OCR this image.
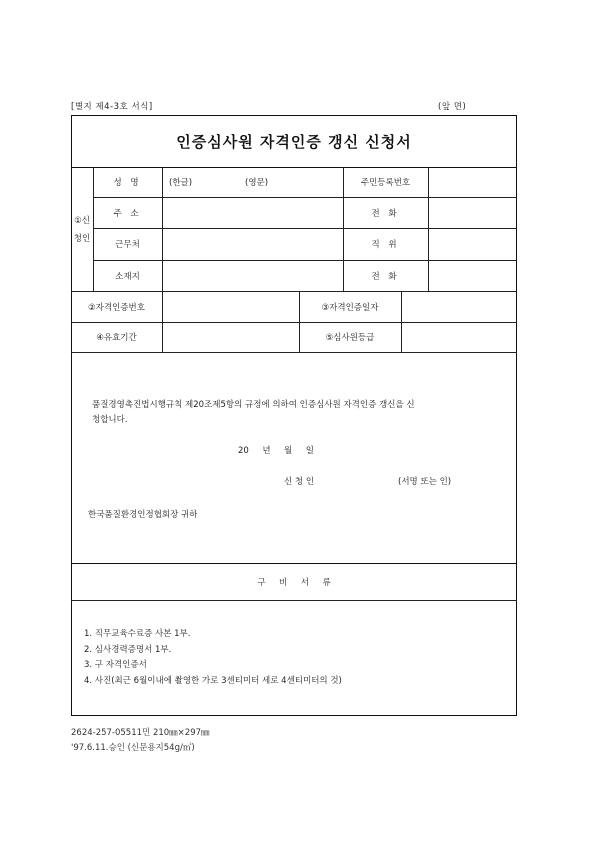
[별지 제4-3호 서식]	(앞 면)
인증심사원 자격인증 갱신 신청서
①신
청인
성 명	(한글)	(영문)	주민등록번호
주 소	전 화
근무처	직 위
소재지	전 화
②자격인증번호	③자격인증일자
④유효기간	⑤심사원등급
품질경영촉진법시행규칙 제20조제5항의 규정에 의하여 인증심사원 자격인증 갱신을 신
청합니다.
20     년     월     일
신 청 인	(서명 또는 인)
한국품질환경인정협회장 귀하
구     비     서     류
1. 직무교육수료증 사본 1부.
2. 심사경력증명서 1부.
3. 구 자격인증서
4. 사진(최근 6월이내에 촬영한 가로 3센티미터 세로 4센티미터의 것)
2624-257-05511민 210㎜×297㎜
'97.6.11.승인 (신문용지54g/㎡)
